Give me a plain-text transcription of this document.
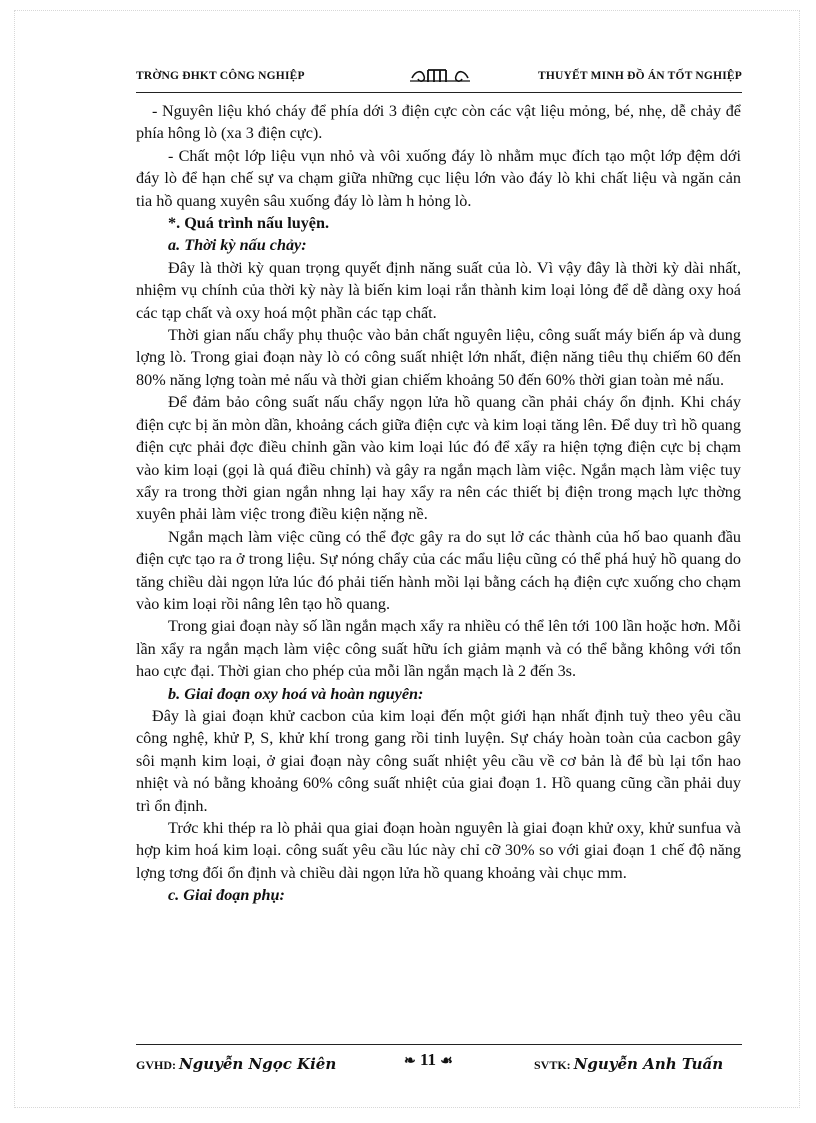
TRỜNG ĐHKT CÔNG NGHIỆP	THUYẾT MINH ĐỒ ÁN TỐT NGHIỆP

- Nguyên liệu khó cháy để phía dới 3 điện cực còn các vật liệu mỏng, bé, nhẹ, dễ chảy để phía hông lò (xa 3 điện cực).

- Chất một lớp liệu vụn nhỏ và vôi xuống đáy lò nhằm mục đích tạo một lớp đệm dới đáy lò để hạn chế sự va chạm giữa những cục liệu lớn vào đáy lò khi chất liệu và ngăn cản tia hồ quang xuyên sâu xuống đáy lò làm h hỏng lò.

*. Quá trình nấu luyện.

a. Thời kỳ nấu chảy:

Đây là thời kỳ quan trọng quyết định năng suất của lò. Vì vậy đây là thời kỳ dài nhất, nhiệm vụ chính của thời kỳ này là biến kim loại rắn thành kim loại lỏng để dễ dàng oxy hoá các tạp chất và oxy hoá một phần các tạp chất.

Thời gian nấu chẩy phụ thuộc vào bản chất nguyên liệu, công suất máy biến áp và dung lợng lò. Trong giai đoạn này lò có công suất nhiệt lớn nhất, điện năng tiêu thụ chiếm 60 đến 80% năng lợng toàn mẻ nấu và thời gian chiếm khoảng 50 đến 60% thời gian toàn mẻ nấu.

Để đảm bảo công suất nấu chẩy ngọn lửa hồ quang cần phải cháy ổn định. Khi cháy điện cực bị ăn mòn dần, khoảng cách giữa điện cực và kim loại tăng lên. Để duy trì hồ quang điện cực phải đợc điều chỉnh gần vào kim loại lúc đó để xẩy ra hiện tợng điện cực bị chạm vào kim loại (gọi là quá điều chỉnh) và gây ra ngắn mạch làm việc. Ngắn mạch làm việc tuy xẩy ra trong thời gian ngắn nhng lại hay xẩy ra nên các thiết bị điện trong mạch lực thờng xuyên phải làm việc trong điều kiện nặng nề.

Ngắn mạch làm việc cũng có thể đợc gây ra do sụt lở các thành của hố bao quanh đầu điện cực tạo ra ở trong liệu. Sự nóng chẩy của các mẩu liệu cũng có thể phá huỷ hồ quang do tăng chiều dài ngọn lửa lúc đó phải tiến hành mồi lại bằng cách hạ điện cực xuống cho chạm vào kim loại rồi nâng lên tạo hồ quang.

Trong giai đoạn này số lần ngắn mạch xẩy ra nhiều có thể lên tới 100 lần hoặc hơn. Mỗi lần xẩy ra ngắn mạch làm việc công suất hữu ích giảm mạnh và có thể bằng không với tổn hao cực đại. Thời gian cho phép của mỗi lần ngắn mạch là 2 đến 3s.

b. Giai đoạn oxy hoá và hoàn nguyên:

Đây là giai đoạn khử cacbon của kim loại đến một giới hạn nhất định tuỳ theo yêu cầu công nghệ, khử P, S, khử khí trong gang rồi tinh luyện. Sự cháy hoàn toàn của cacbon gây sôi mạnh kim loại, ở giai đoạn này công suất nhiệt yêu cầu về cơ bản là để bù lại tổn hao nhiệt và nó bằng khoảng 60% công suất nhiệt của giai đoạn 1. Hồ quang cũng cần phải duy trì ổn định.

Trớc khi thép ra lò phải qua giai đoạn hoàn nguyên là giai đoạn khử oxy, khử sunfua và hợp kim hoá kim loại. công suất yêu cầu lúc này chỉ cỡ 30% so với giai đoạn 1 chế độ năng lợng tơng đối ổn định và chiều dài ngọn lửa hồ quang khoảng vài chục mm.

c. Giai đoạn phụ:

GVHD: Nguyễn Ngọc Kiên	❧ 11 ☙	SVTK: Nguyễn Anh Tuấn
